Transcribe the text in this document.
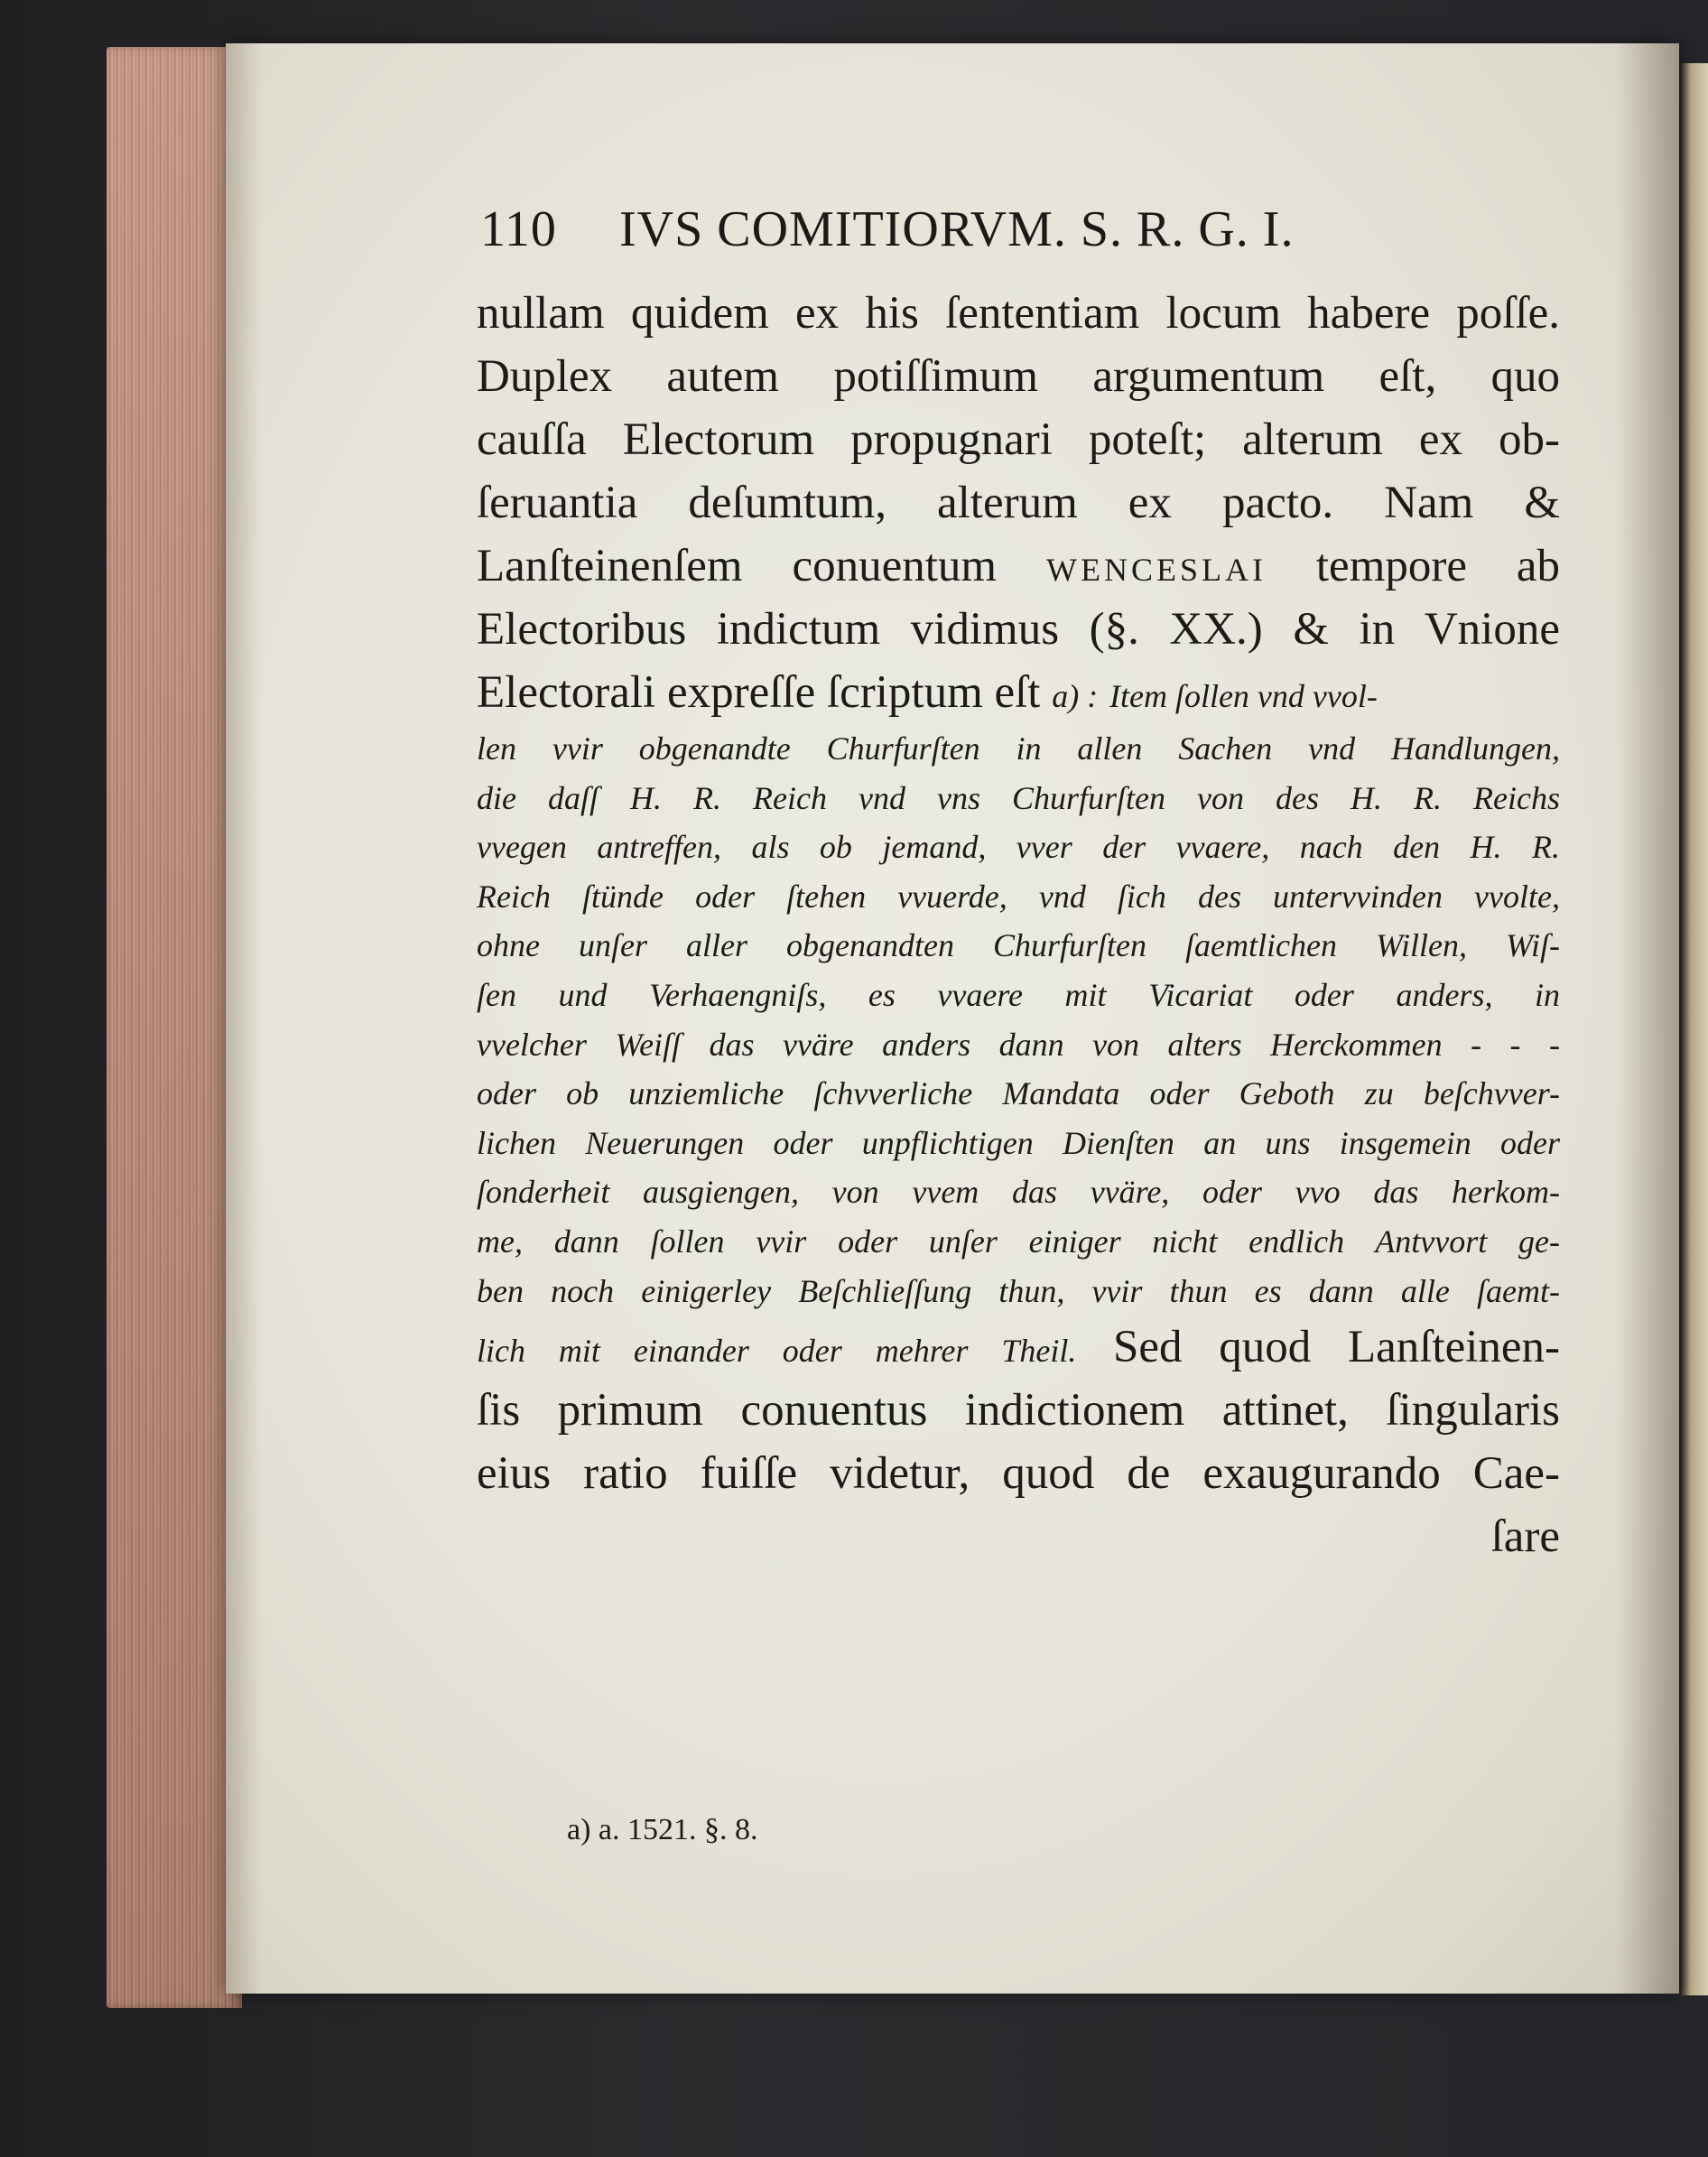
110 IVS COMITIORVM. S. R. G. I.
nullam quidem ex his ſententiam locum habere poſſe.
Duplex autem potiſſimum argumentum eſt, quo
cauſſa Electorum propugnari poteſt; alterum ex ob-
ſeruantia deſumtum, alterum ex pacto. Nam &
Lanſteinenſem conuentum wenceslai tempore ab
Electoribus indictum vidimus (§. XX.) & in Vnione
Electorali expreſſe ſcriptum eſt a) : Item ſollen vnd vvol-
len vvir obgenandte Churfurſten in allen Sachen vnd Handlungen,
die daſſ H. R. Reich vnd vns Churfurſten von des H. R. Reichs
vvegen antreffen, als ob jemand, vver der vvaere, nach den H. R.
Reich ſtünde oder ſtehen vvuerde, vnd ſich des untervvinden vvolte,
ohne unſer aller obgenandten Churfurſten ſaemtlichen Willen, Wiſ-
ſen und Verhaengniſs, es vvaere mit Vicariat oder anders, in
vvelcher Weiſſ das vväre anders dann von alters Herckommen - - -
oder ob unziemliche ſchvverliche Mandata oder Geboth zu beſchvver-
lichen Neuerungen oder unpflichtigen Dienſten an uns insgemein oder
ſonderheit ausgiengen, von vvem das vväre, oder vvo das herkom-
me, dann ſollen vvir oder unſer einiger nicht endlich Antvvort ge-
ben noch einigerley Beſchlieſſung thun, vvir thun es dann alle ſaemt-
lich mit einander oder mehrer Theil. Sed quod Lanſteinen-
ſis primum conuentus indictionem attinet, ſingularis
eius ratio fuiſſe videtur, quod de exaugurando Cae-
ſare
a) a. 1521. §. 8.
